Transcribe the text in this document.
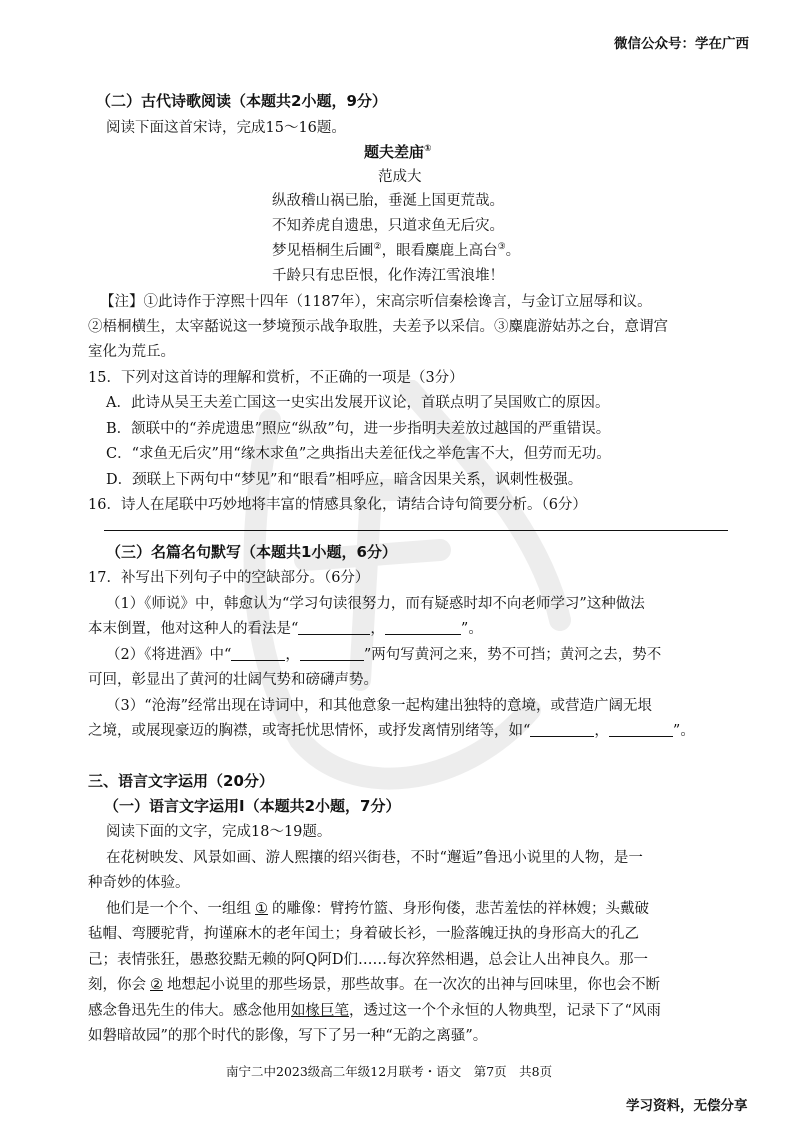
微信公众号：学在广西
（二）古代诗歌阅读（本题共2小题，9分）
阅读下面这首宋诗，完成15～16题。
题夫差庙①
范成大
纵敌稽山祸已胎，垂涎上国更荒哉。
不知养虎自遗患，只道求鱼无后灾。
梦见梧桐生后圃②，眼看麋鹿上高台③。
千龄只有忠臣恨，化作涛江雪浪堆！
【注】①此诗作于淳熙十四年（1187年），宋高宗听信秦桧谗言，与金订立屈辱和议。
②梧桐横生，太宰嚭说这一梦境预示战争取胜，夫差予以采信。③麋鹿游姑苏之台，意谓宫
室化为荒丘。
15．下列对这首诗的理解和赏析，不正确的一项是（3分）
A．此诗从吴王夫差亡国这一史实出发展开议论，首联点明了吴国败亡的原因。
B．颔联中的“养虎遗患”照应“纵敌”句，进一步指明夫差放过越国的严重错误。
C．“求鱼无后灾”用“缘木求鱼”之典指出夫差征伐之举危害不大，但劳而无功。
D．颈联上下两句中“梦见”和“眼看”相呼应，暗含因果关系，讽刺性极强。
16．诗人在尾联中巧妙地将丰富的情感具象化，请结合诗句简要分析。（6分）
（三）名篇名句默写（本题共1小题，6分）
17．补写出下列句子中的空缺部分。（6分）
（1）《师说》中，韩愈认为“学习句读很努力，而有疑惑时却不向老师学习”这种做法
本末倒置，他对这种人的看法是“	，	”。
（2）《将进酒》中“	，	”两句写黄河之来，势不可挡；黄河之去，势不
可回，彰显出了黄河的壮阔气势和磅礴声势。
（3）“沧海”经常出现在诗词中，和其他意象一起构建出独特的意境，或营造广阔无垠
之境，或展现豪迈的胸襟，或寄托忧思情怀，或抒发离情别绪等，如“	，	”。
三、语言文字运用（20分）
（一）语言文字运用Ⅰ（本题共2小题，7分）
阅读下面的文字，完成18～19题。
在花树映发、风景如画、游人熙攘的绍兴街巷，不时“邂逅”鲁迅小说里的人物，是一
种奇妙的体验。
他们是一个个、一组组 ① 的雕像：臂挎竹篮、身形佝偻，悲苦羞怯的祥林嫂；头戴破
毡帽、弯腰驼背，拘谨麻木的老年闰土；身着破长衫，一脸落魄迂执的身形高大的孔乙
己；表情张狂，愚憨狡黠无赖的阿Q阿D们……每次猝然相遇，总会让人出神良久。那一
刻，你会 ② 地想起小说里的那些场景，那些故事。在一次次的出神与回味里，你也会不断
感念鲁迅先生的伟大。感念他用如椽巨笔，透过这一个个永恒的人物典型，记录下了“风雨
如磐暗故园”的那个时代的影像，写下了另一种“无韵之离骚”。
南宁二中2023级高二年级12月联考・语文　第7页　共8页
学习资料，无偿分享
